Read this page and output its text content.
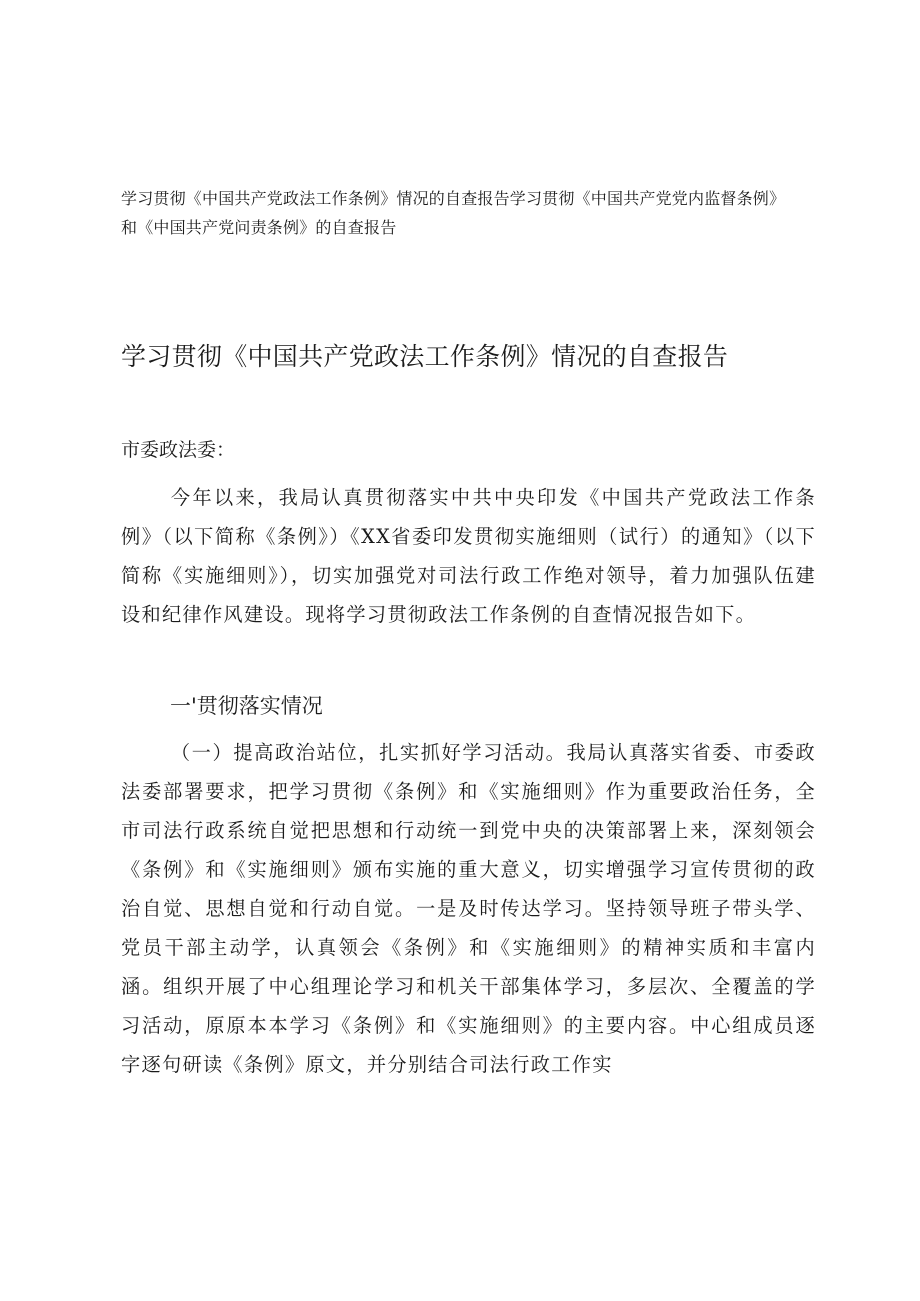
学习贯彻《中国共产党政法工作条例》情况的自查报告学习贯彻《中国共产党党内监督条例》和《中国共产党问责条例》的自查报告
学习贯彻《中国共产党政法工作条例》情况的自查报告

市委政法委：

今年以来，我局认真贯彻落实中共中央印发《中国共产党政法工作条例》（以下简称《条例》）《XX省委印发贯彻实施细则（试行）的通知》（以下简称《实施细则》），切实加强党对司法行政工作绝对领导，着力加强队伍建设和纪律作风建设。现将学习贯彻政法工作条例的自查情况报告如下。

一'贯彻落实情况

（一）提高政治站位，扎实抓好学习活动。我局认真落实省委、市委政法委部署要求，把学习贯彻《条例》和《实施细则》作为重要政治任务，全市司法行政系统自觉把思想和行动统一到党中央的决策部署上来，深刻领会《条例》和《实施细则》颁布实施的重大意义，切实增强学习宣传贯彻的政治自觉、思想自觉和行动自觉。一是及时传达学习。坚持领导班子带头学、党员干部主动学，认真领会《条例》和《实施细则》的精神实质和丰富内涵。组织开展了中心组理论学习和机关干部集体学习，多层次、全覆盖的学习活动，原原本本学习《条例》和《实施细则》的主要内容。中心组成员逐字逐句研读《条例》原文，并分别结合司法行政工作实
